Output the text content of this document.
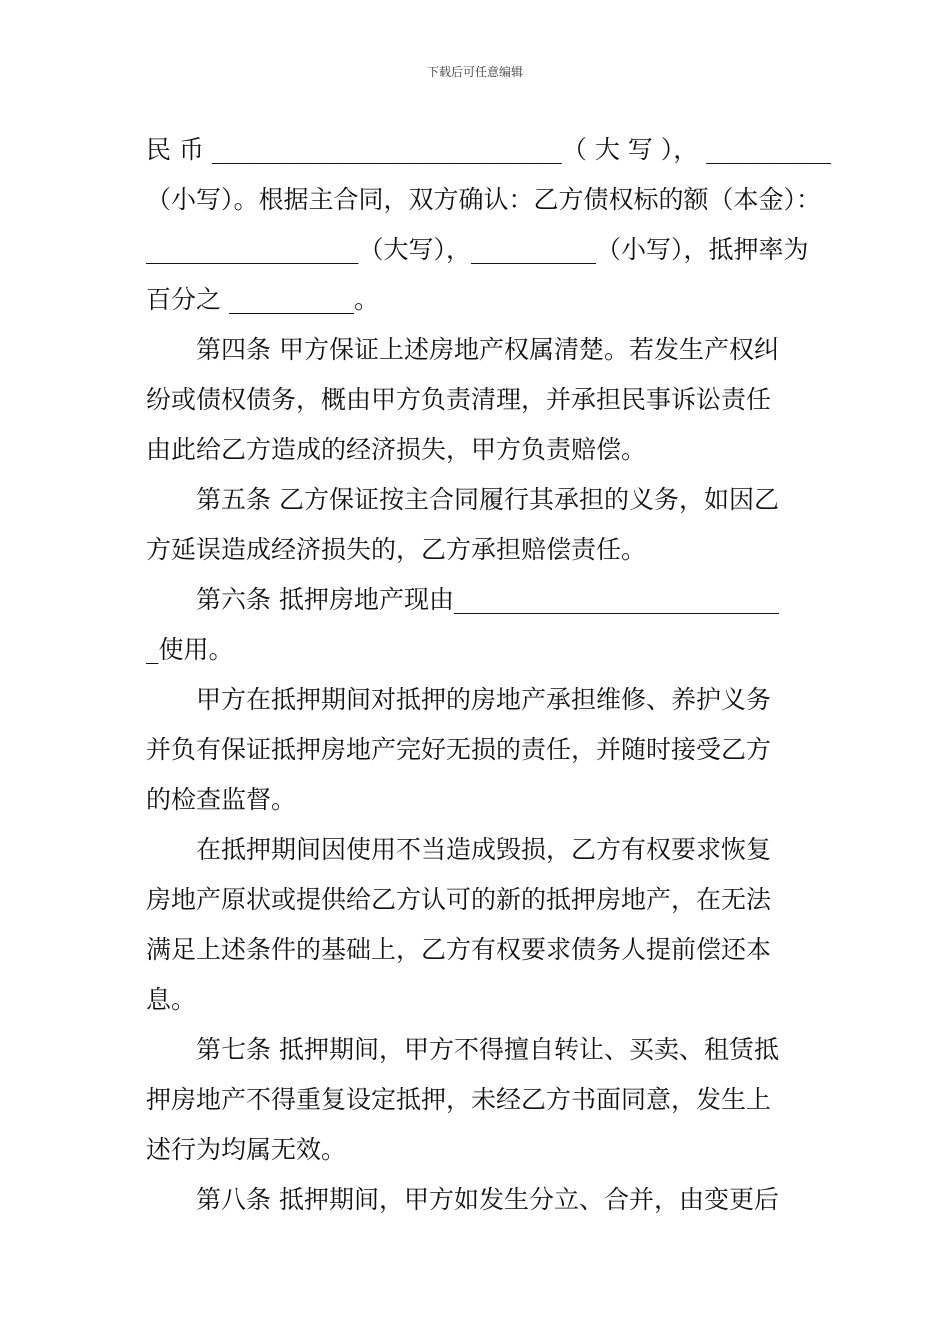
下载后可任意编辑
民 币 ____________________________（ 大 写 ）， __________
（小写）。根据主合同，双方确认：乙方债权标的额（本金）：
_________________（大写），__________（小写），抵押率为
百分之 __________。
第四条 甲方保证上述房地产权属清楚。若发生产权纠
纷或债权债务，概由甲方负责清理，并承担民事诉讼责任
由此给乙方造成的经济损失，甲方负责赔偿。
第五条 乙方保证按主合同履行其承担的义务，如因乙
方延误造成经济损失的，乙方承担赔偿责任。
第六条 抵押房地产现由__________________________
_使用。
甲方在抵押期间对抵押的房地产承担维修、养护义务
并负有保证抵押房地产完好无损的责任，并随时接受乙方
的检查监督。
在抵押期间因使用不当造成毁损，乙方有权要求恢复
房地产原状或提供给乙方认可的新的抵押房地产，在无法
满足上述条件的基础上，乙方有权要求债务人提前偿还本
息。
第七条 抵押期间，甲方不得擅自转让、买卖、租赁抵
押房地产不得重复设定抵押，未经乙方书面同意，发生上
述行为均属无效。
第八条 抵押期间，甲方如发生分立、合并，由变更后
